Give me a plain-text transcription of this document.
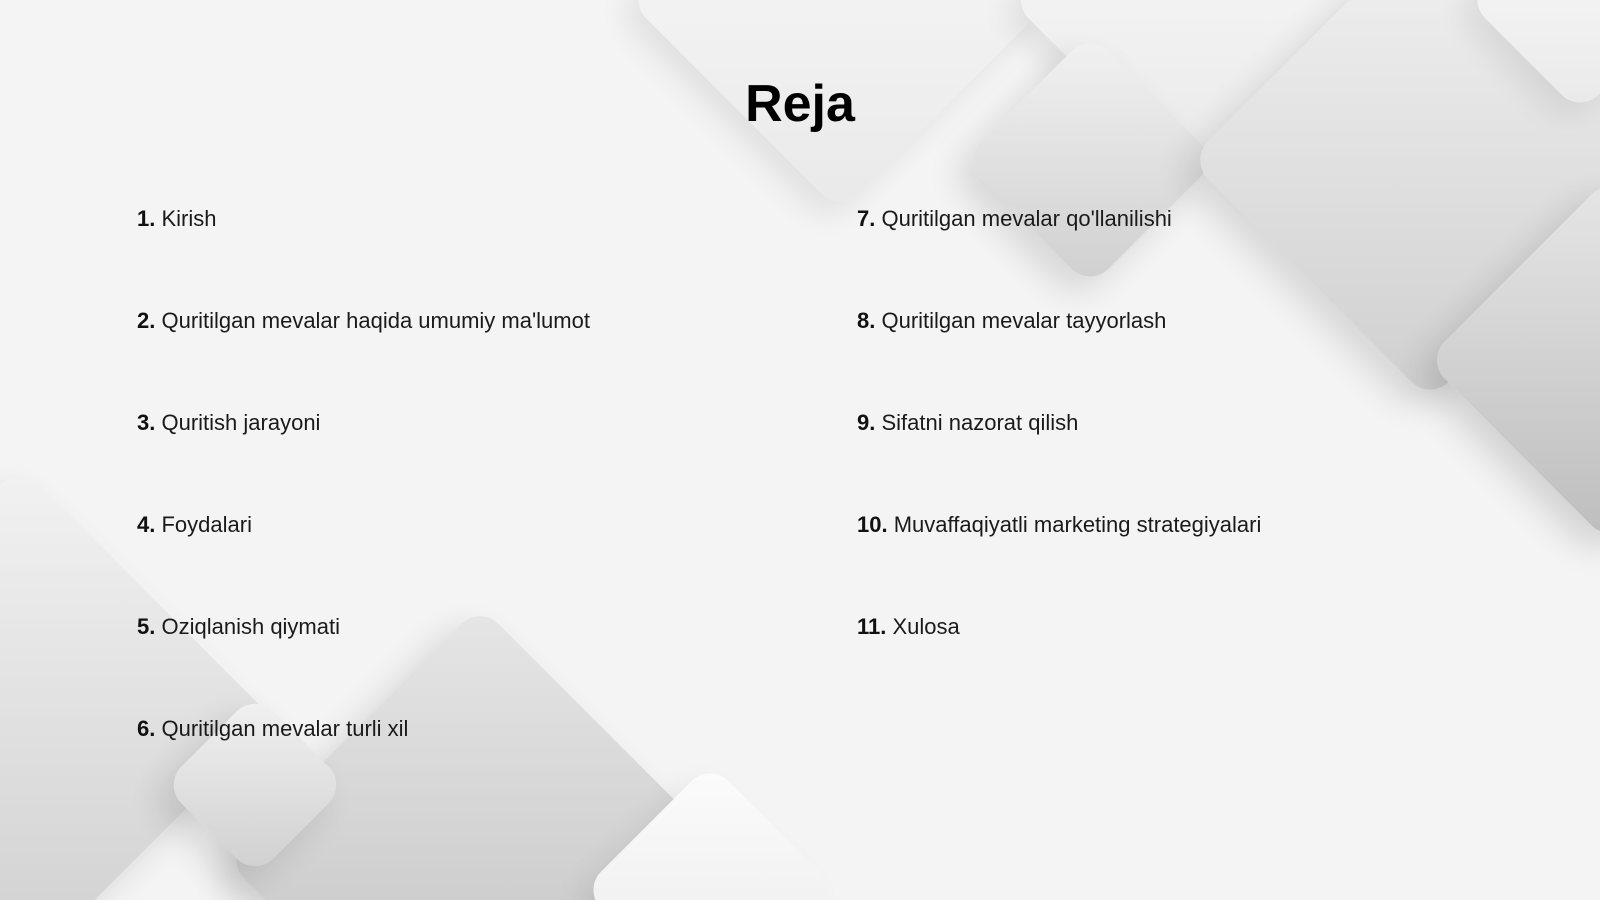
Reja
1. Kirish
2. Quritilgan mevalar haqida umumiy ma'lumot
3. Quritish jarayoni
4. Foydalari
5. Oziqlanish qiymati
6. Quritilgan mevalar turli xil
7. Quritilgan mevalar qo'llanilishi
8. Quritilgan mevalar tayyorlash
9. Sifatni nazorat qilish
10. Muvaffaqiyatli marketing strategiyalari
11. Xulosa
